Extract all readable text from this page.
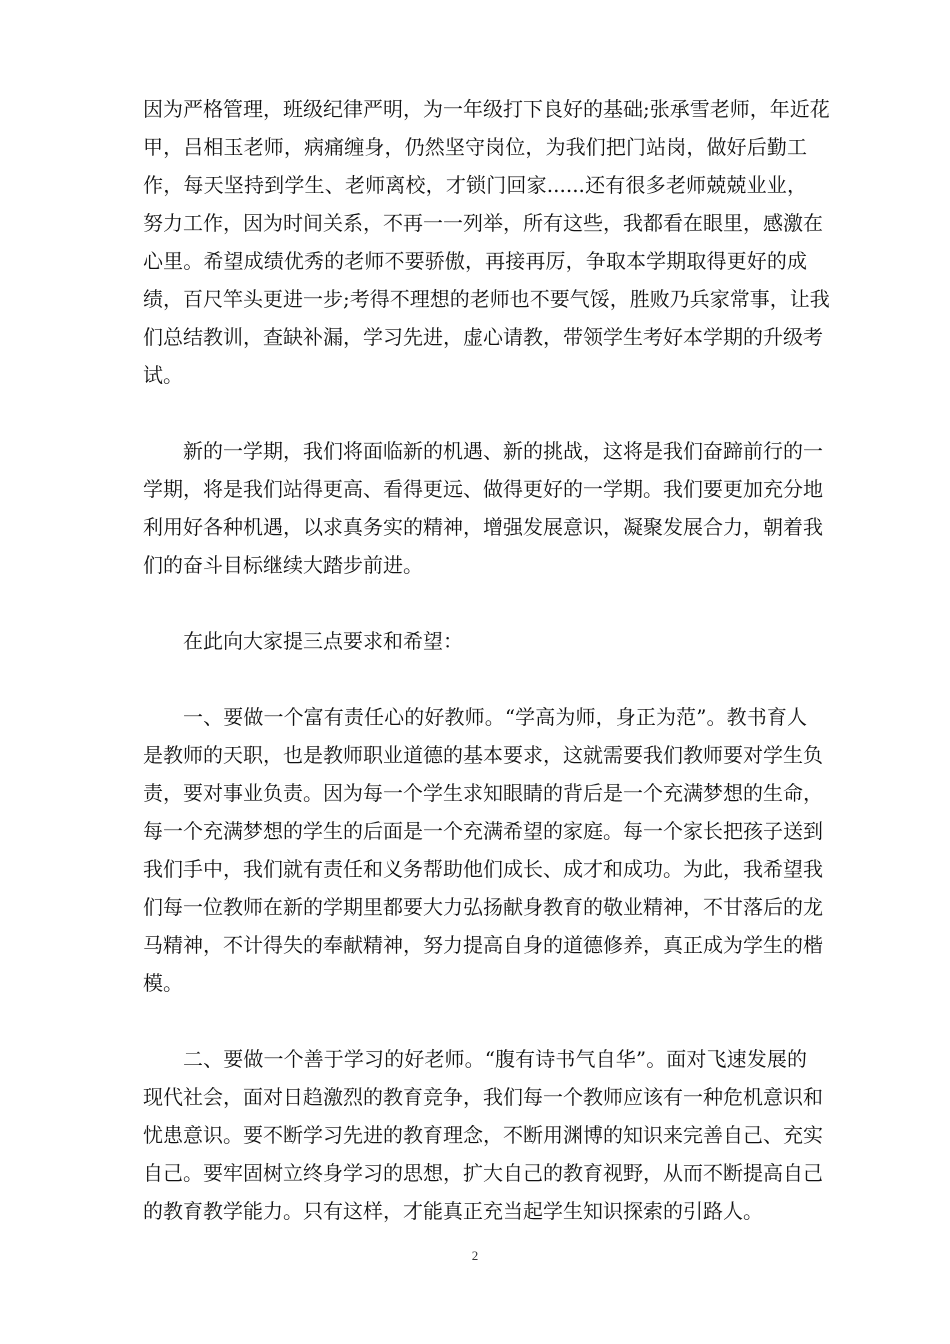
因为严格管理，班级纪律严明，为一年级打下良好的基础;张承雪老师，年近花
甲，吕相玉老师，病痛缠身，仍然坚守岗位，为我们把门站岗，做好后勤工
作，每天坚持到学生、老师离校，才锁门回家......还有很多老师兢兢业业，
努力工作，因为时间关系，不再一一列举，所有这些，我都看在眼里，感激在
心里。希望成绩优秀的老师不要骄傲，再接再厉，争取本学期取得更好的成
绩，百尺竿头更进一步;考得不理想的老师也不要气馁，胜败乃兵家常事，让我
们总结教训，查缺补漏，学习先进，虚心请教，带领学生考好本学期的升级考
试。
新的一学期，我们将面临新的机遇、新的挑战，这将是我们奋蹄前行的一
学期，将是我们站得更高、看得更远、做得更好的一学期。我们要更加充分地
利用好各种机遇，以求真务实的精神，增强发展意识，凝聚发展合力，朝着我
们的奋斗目标继续大踏步前进。
在此向大家提三点要求和希望：
一、要做一个富有责任心的好教师。“学高为师，身正为范”。教书育人
是教师的天职，也是教师职业道德的基本要求，这就需要我们教师要对学生负
责，要对事业负责。因为每一个学生求知眼睛的背后是一个充满梦想的生命，
每一个充满梦想的学生的后面是一个充满希望的家庭。每一个家长把孩子送到
我们手中，我们就有责任和义务帮助他们成长、成才和成功。为此，我希望我
们每一位教师在新的学期里都要大力弘扬献身教育的敬业精神，不甘落后的龙
马精神，不计得失的奉献精神，努力提高自身的道德修养，真正成为学生的楷
模。
二、要做一个善于学习的好老师。“腹有诗书气自华”。面对飞速发展的
现代社会，面对日趋激烈的教育竞争，我们每一个教师应该有一种危机意识和
忧患意识。要不断学习先进的教育理念，不断用渊博的知识来完善自己、充实
自己。要牢固树立终身学习的思想，扩大自己的教育视野，从而不断提高自己
的教育教学能力。只有这样，才能真正充当起学生知识探索的引路人。
2
